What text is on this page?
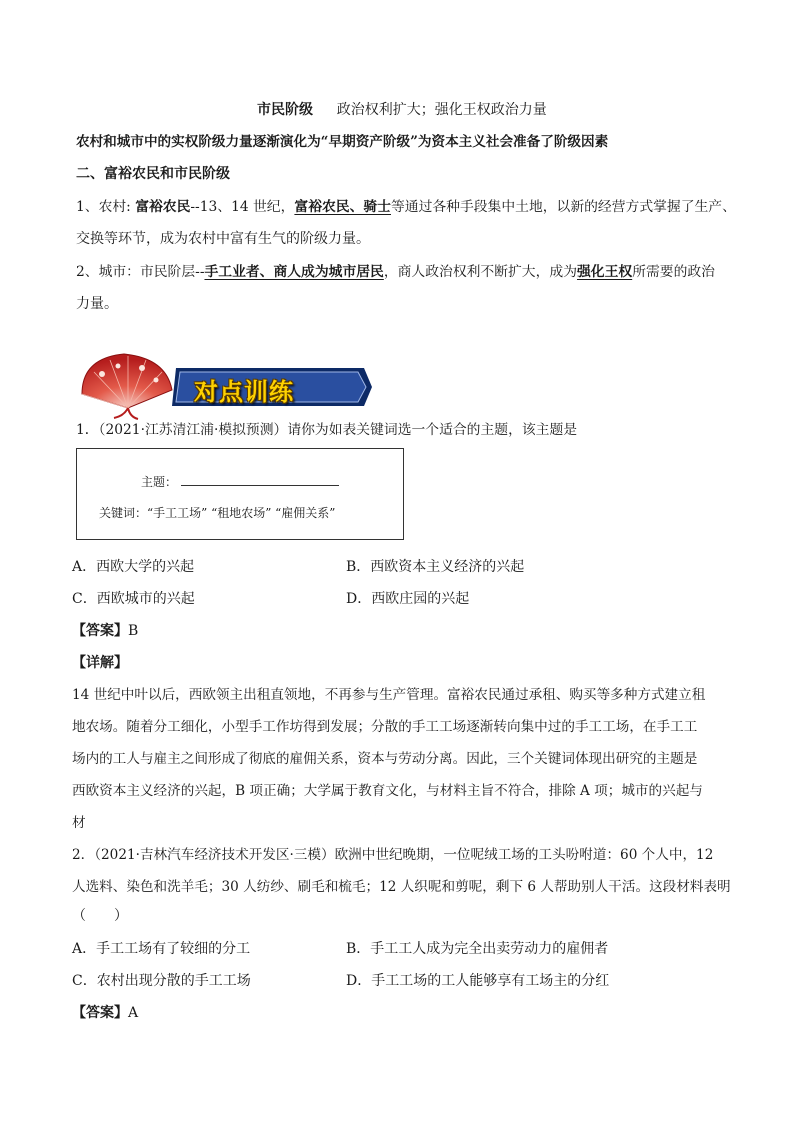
市民阶级 政治权利扩大；强化王权政治力量
农村和城市中的实权阶级力量逐渐演化为“早期资产阶级”为资本主义社会准备了阶级因素
二、富裕农民和市民阶级
1、农村: 富裕农民--13、14 世纪，富裕农民、骑士等通过各种手段集中土地，以新的经营方式掌握了生产、
交换等环节，成为农村中富有生气的阶级力量。
2、城市：市民阶层--手工业者、商人成为城市居民，商人政治权利不断扩大，成为强化王权所需要的政治
力量。
对点训练
1．（2021·江苏清江浦·模拟预测）请你为如表关键词选一个适合的主题，该主题是
主题：
关键词：“手工工场” “租地农场” “雇佣关系”
A．西欧大学的兴起	B．西欧资本主义经济的兴起
C．西欧城市的兴起	D．西欧庄园的兴起
【答案】B
【详解】
14 世纪中叶以后，西欧领主出租直领地，不再参与生产管理。富裕农民通过承租、购买等多种方式建立租
地农场。随着分工细化，小型手工作坊得到发展；分散的手工工场逐渐转向集中过的手工工场，在手工工
场内的工人与雇主之间形成了彻底的雇佣关系，资本与劳动分离。因此，三个关键词体现出研究的主题是
西欧资本主义经济的兴起，B 项正确；大学属于教育文化，与材料主旨不符合，排除 A 项；城市的兴起与
材
2．（2021·吉林汽车经济技术开发区·三模）欧洲中世纪晚期，一位呢绒工场的工头吩咐道：60 个人中，12
人选料、染色和洗羊毛；30 人纺纱、刷毛和梳毛；12 人织呢和剪呢，剩下 6 人帮助别人干活。这段材料表明
（　　）
A．手工工场有了较细的分工	B．手工工人成为完全出卖劳动力的雇佣者
C．农村出现分散的手工工场	D．手工工场的工人能够享有工场主的分红
【答案】A
